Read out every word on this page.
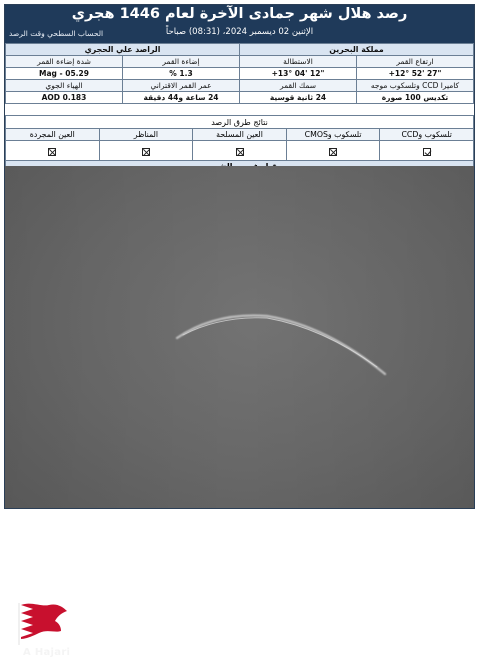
رصد هلال شهر جمادى الآخرة لعام 1446 هجري
الإثنين 02 ديسمبر 2024، (08:31) صباحاً
الحساب السطحي وقت الرصد
مملكة البحرين		الراصد علي الحجري	
ارتفاع القمر	الاستطالة	إضاءة القمر	شدة إضاءة القمر
+12° 52' 27"	+13° 04' 12"	% 1.3	Mag - 05.29
كاميرا CCD وتلسكوب موجه	سمك القمر	عمر القمر الاقتراني	الهياء الجوي
تكديس 100 صورة	24 ثانية قوسية	24 ساعة و44 دقيقة	AOD 0.183
نتائج طرق الرصد				
تلسكوب وCCD	تلسكوب وCMOS	العين المسلحة	المناظر	العين المجردة

A Hajari
